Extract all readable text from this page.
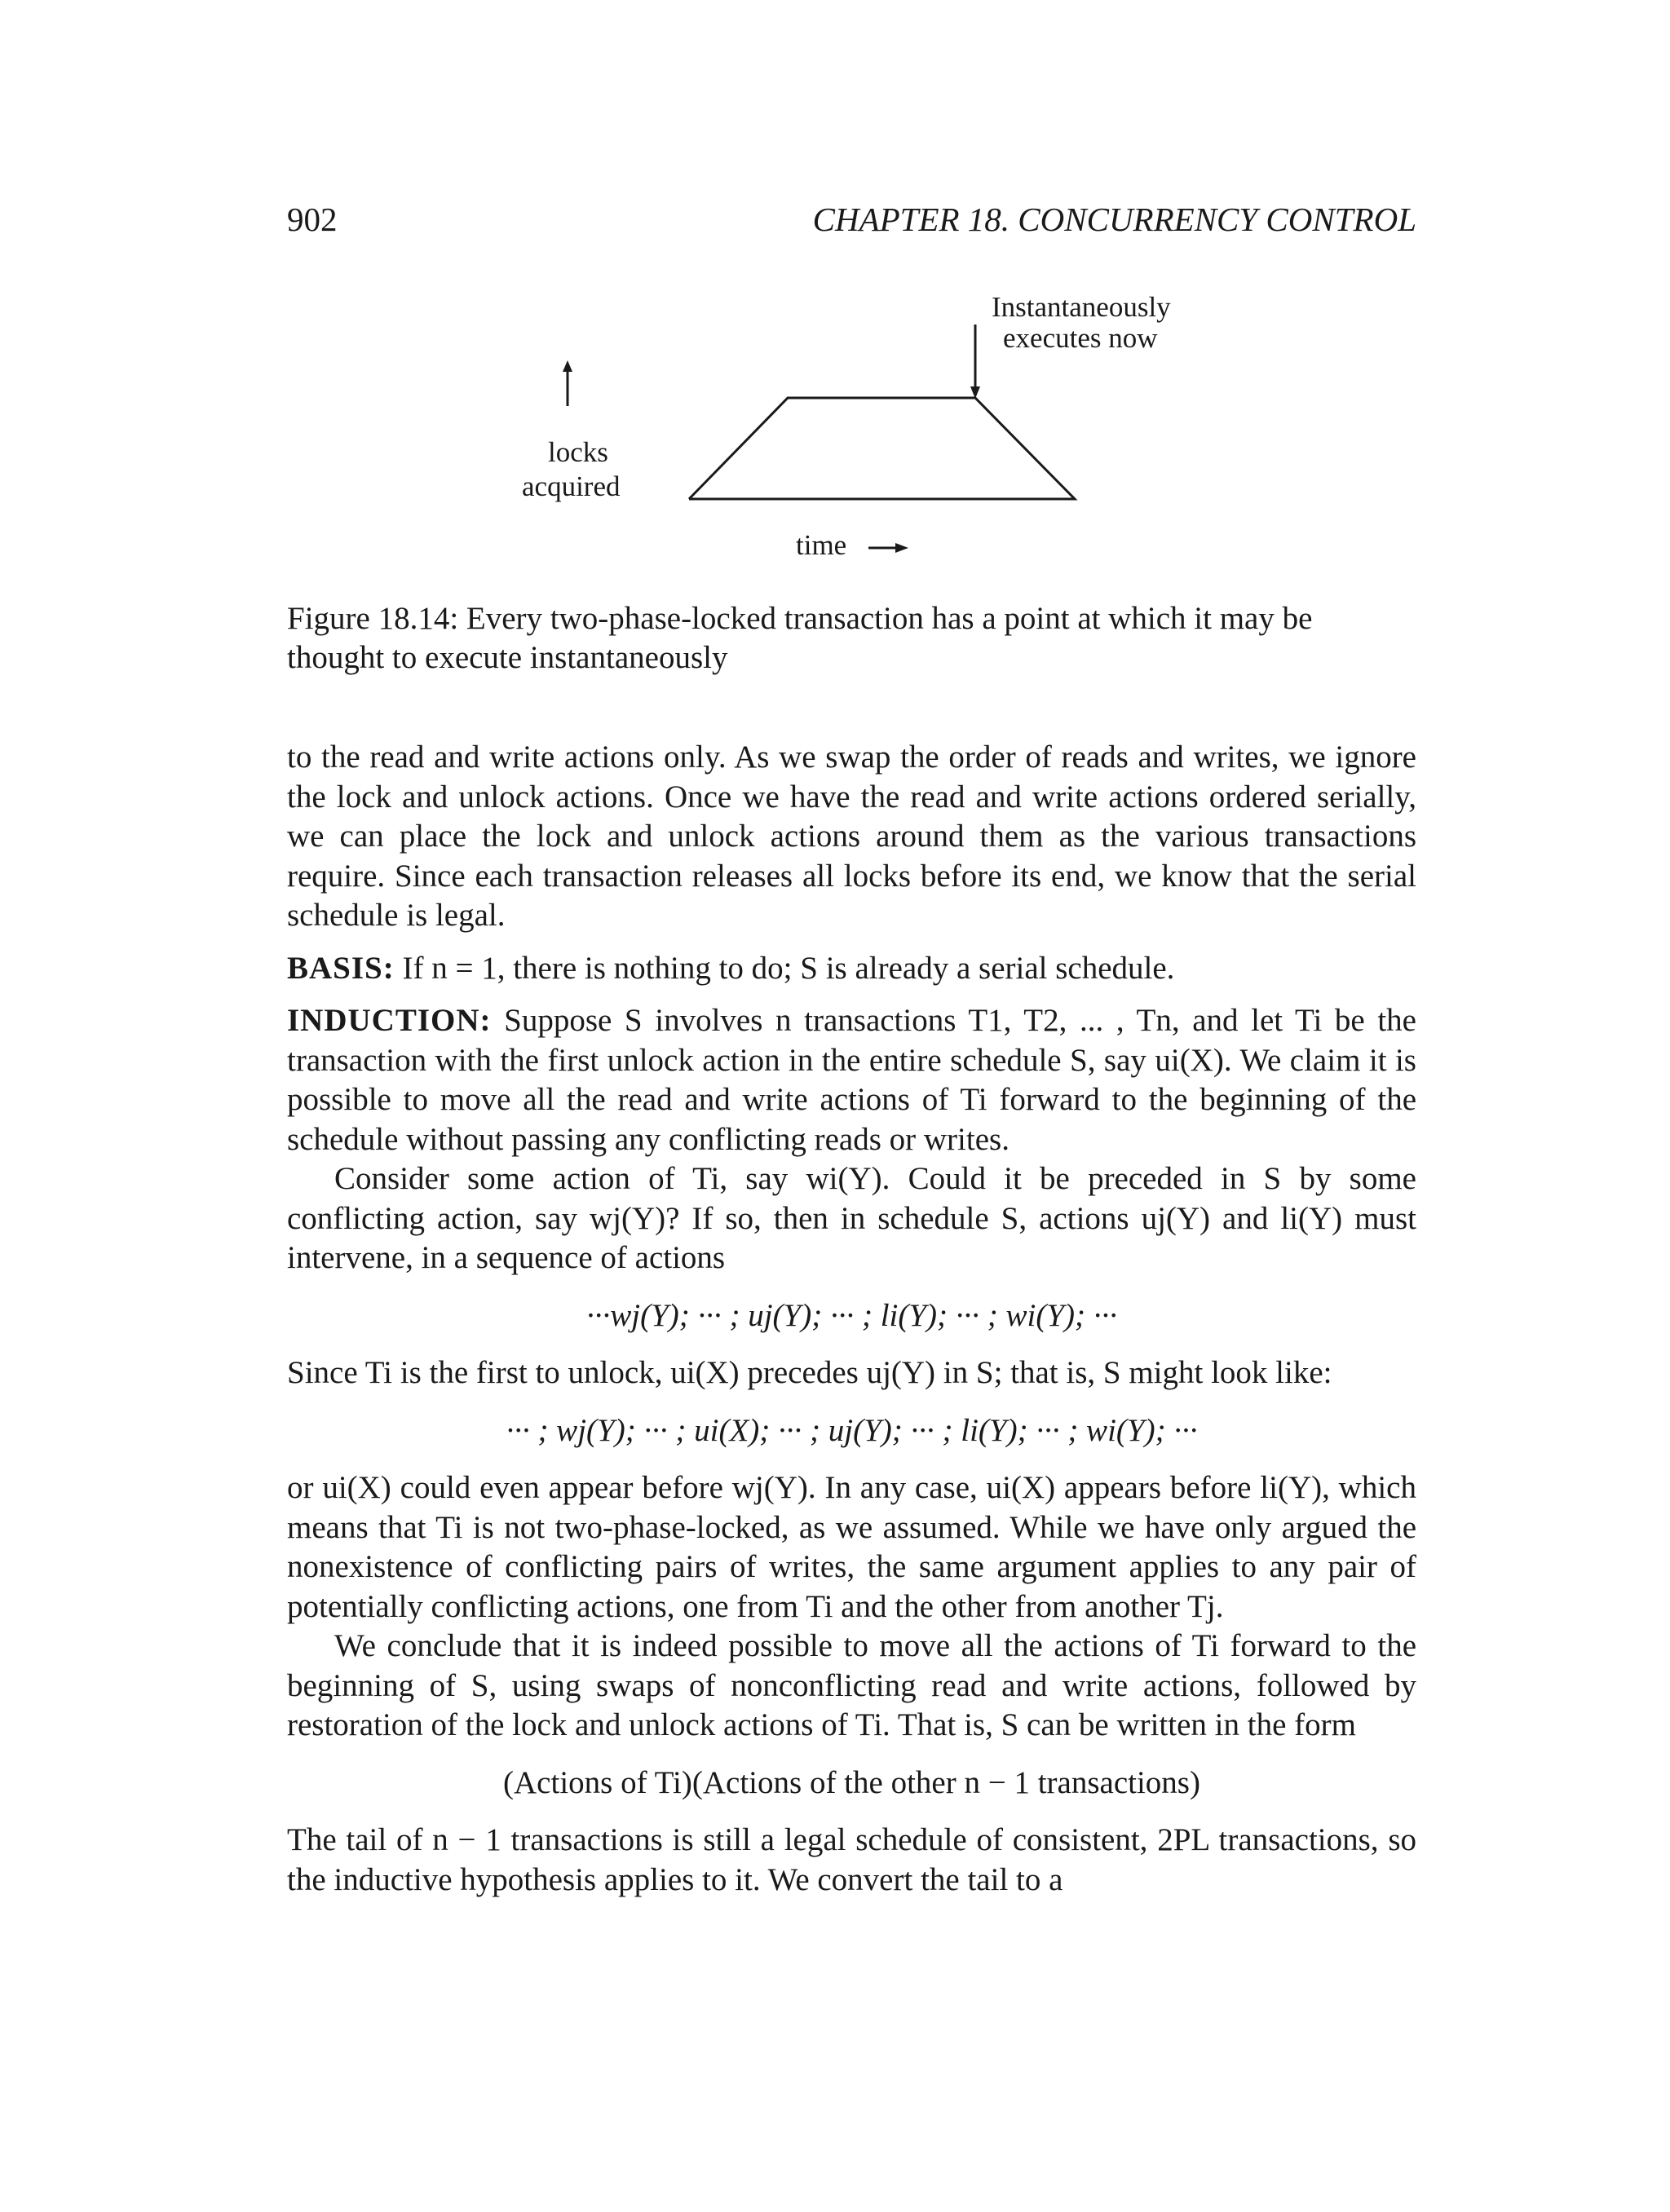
902	CHAPTER 18. CONCURRENCY CONTROL
locks
acquired
time
Instantaneously
executes now
Figure 18.14: Every two-phase-locked transaction has a point at which it may be thought to execute instantaneously

to the read and write actions only. As we swap the order of reads and writes, we ignore the lock and unlock actions. Once we have the read and write actions ordered serially, we can place the lock and unlock actions around them as the various transactions require. Since each transaction releases all locks before its end, we know that the serial schedule is legal.

BASIS: If n = 1, there is nothing to do; S is already a serial schedule.

INDUCTION: Suppose S involves n transactions T1, T2, ... , Tn, and let Ti be the transaction with the first unlock action in the entire schedule S, say ui(X). We claim it is possible to move all the read and write actions of Ti forward to the beginning of the schedule without passing any conflicting reads or writes.

Consider some action of Ti, say wi(Y). Could it be preceded in S by some conflicting action, say wj(Y)? If so, then in schedule S, actions uj(Y) and li(Y) must intervene, in a sequence of actions

···wj(Y); ··· ; uj(Y); ··· ; li(Y); ··· ; wi(Y); ···

Since Ti is the first to unlock, ui(X) precedes uj(Y) in S; that is, S might look like:

··· ; wj(Y); ··· ; ui(X); ··· ; uj(Y); ··· ; li(Y); ··· ; wi(Y); ···

or ui(X) could even appear before wj(Y). In any case, ui(X) appears before li(Y), which means that Ti is not two-phase-locked, as we assumed. While we have only argued the nonexistence of conflicting pairs of writes, the same argument applies to any pair of potentially conflicting actions, one from Ti and the other from another Tj.

We conclude that it is indeed possible to move all the actions of Ti forward to the beginning of S, using swaps of nonconflicting read and write actions, followed by restoration of the lock and unlock actions of Ti. That is, S can be written in the form

(Actions of Ti)(Actions of the other n − 1 transactions)

The tail of n − 1 transactions is still a legal schedule of consistent, 2PL transactions, so the inductive hypothesis applies to it. We convert the tail to a
